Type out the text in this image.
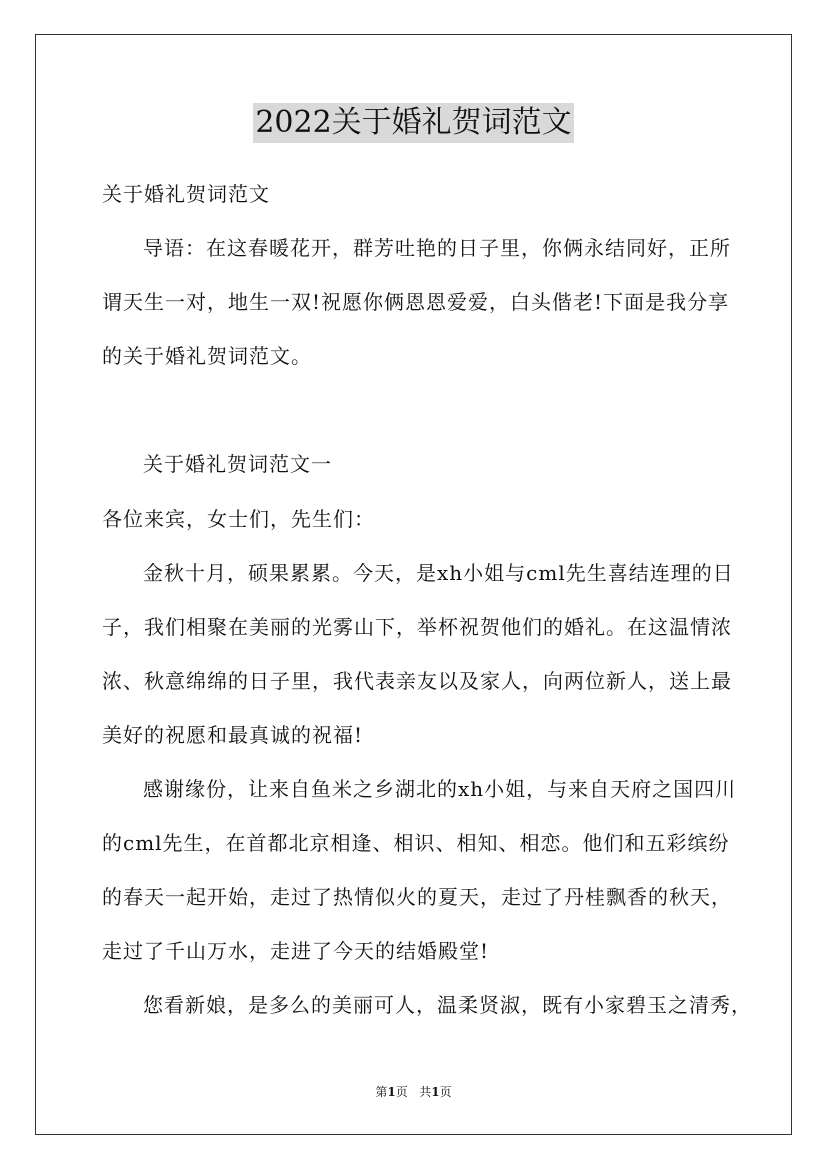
2022关于婚礼贺词范文
关于婚礼贺词范文
导语：在这春暖花开，群芳吐艳的日子里，你俩永结同好，正所
谓天生一对，地生一双!祝愿你俩恩恩爱爱，白头偕老!下面是我分享
的关于婚礼贺词范文。
关于婚礼贺词范文一
各位来宾，女士们，先生们：
金秋十月，硕果累累。今天，是xh小姐与cml先生喜结连理的日
子，我们相聚在美丽的光雾山下，举杯祝贺他们的婚礼。在这温情浓
浓、秋意绵绵的日子里，我代表亲友以及家人，向两位新人，送上最
美好的祝愿和最真诚的祝福!
感谢缘份，让来自鱼米之乡湖北的xh小姐，与来自天府之国四川
的cml先生，在首都北京相逢、相识、相知、相恋。他们和五彩缤纷
的春天一起开始，走过了热情似火的夏天，走过了丹桂飘香的秋天，
走过了千山万水，走进了今天的结婚殿堂!
您看新娘，是多么的美丽可人，温柔贤淑，既有小家碧玉之清秀，
第1页 共1页
